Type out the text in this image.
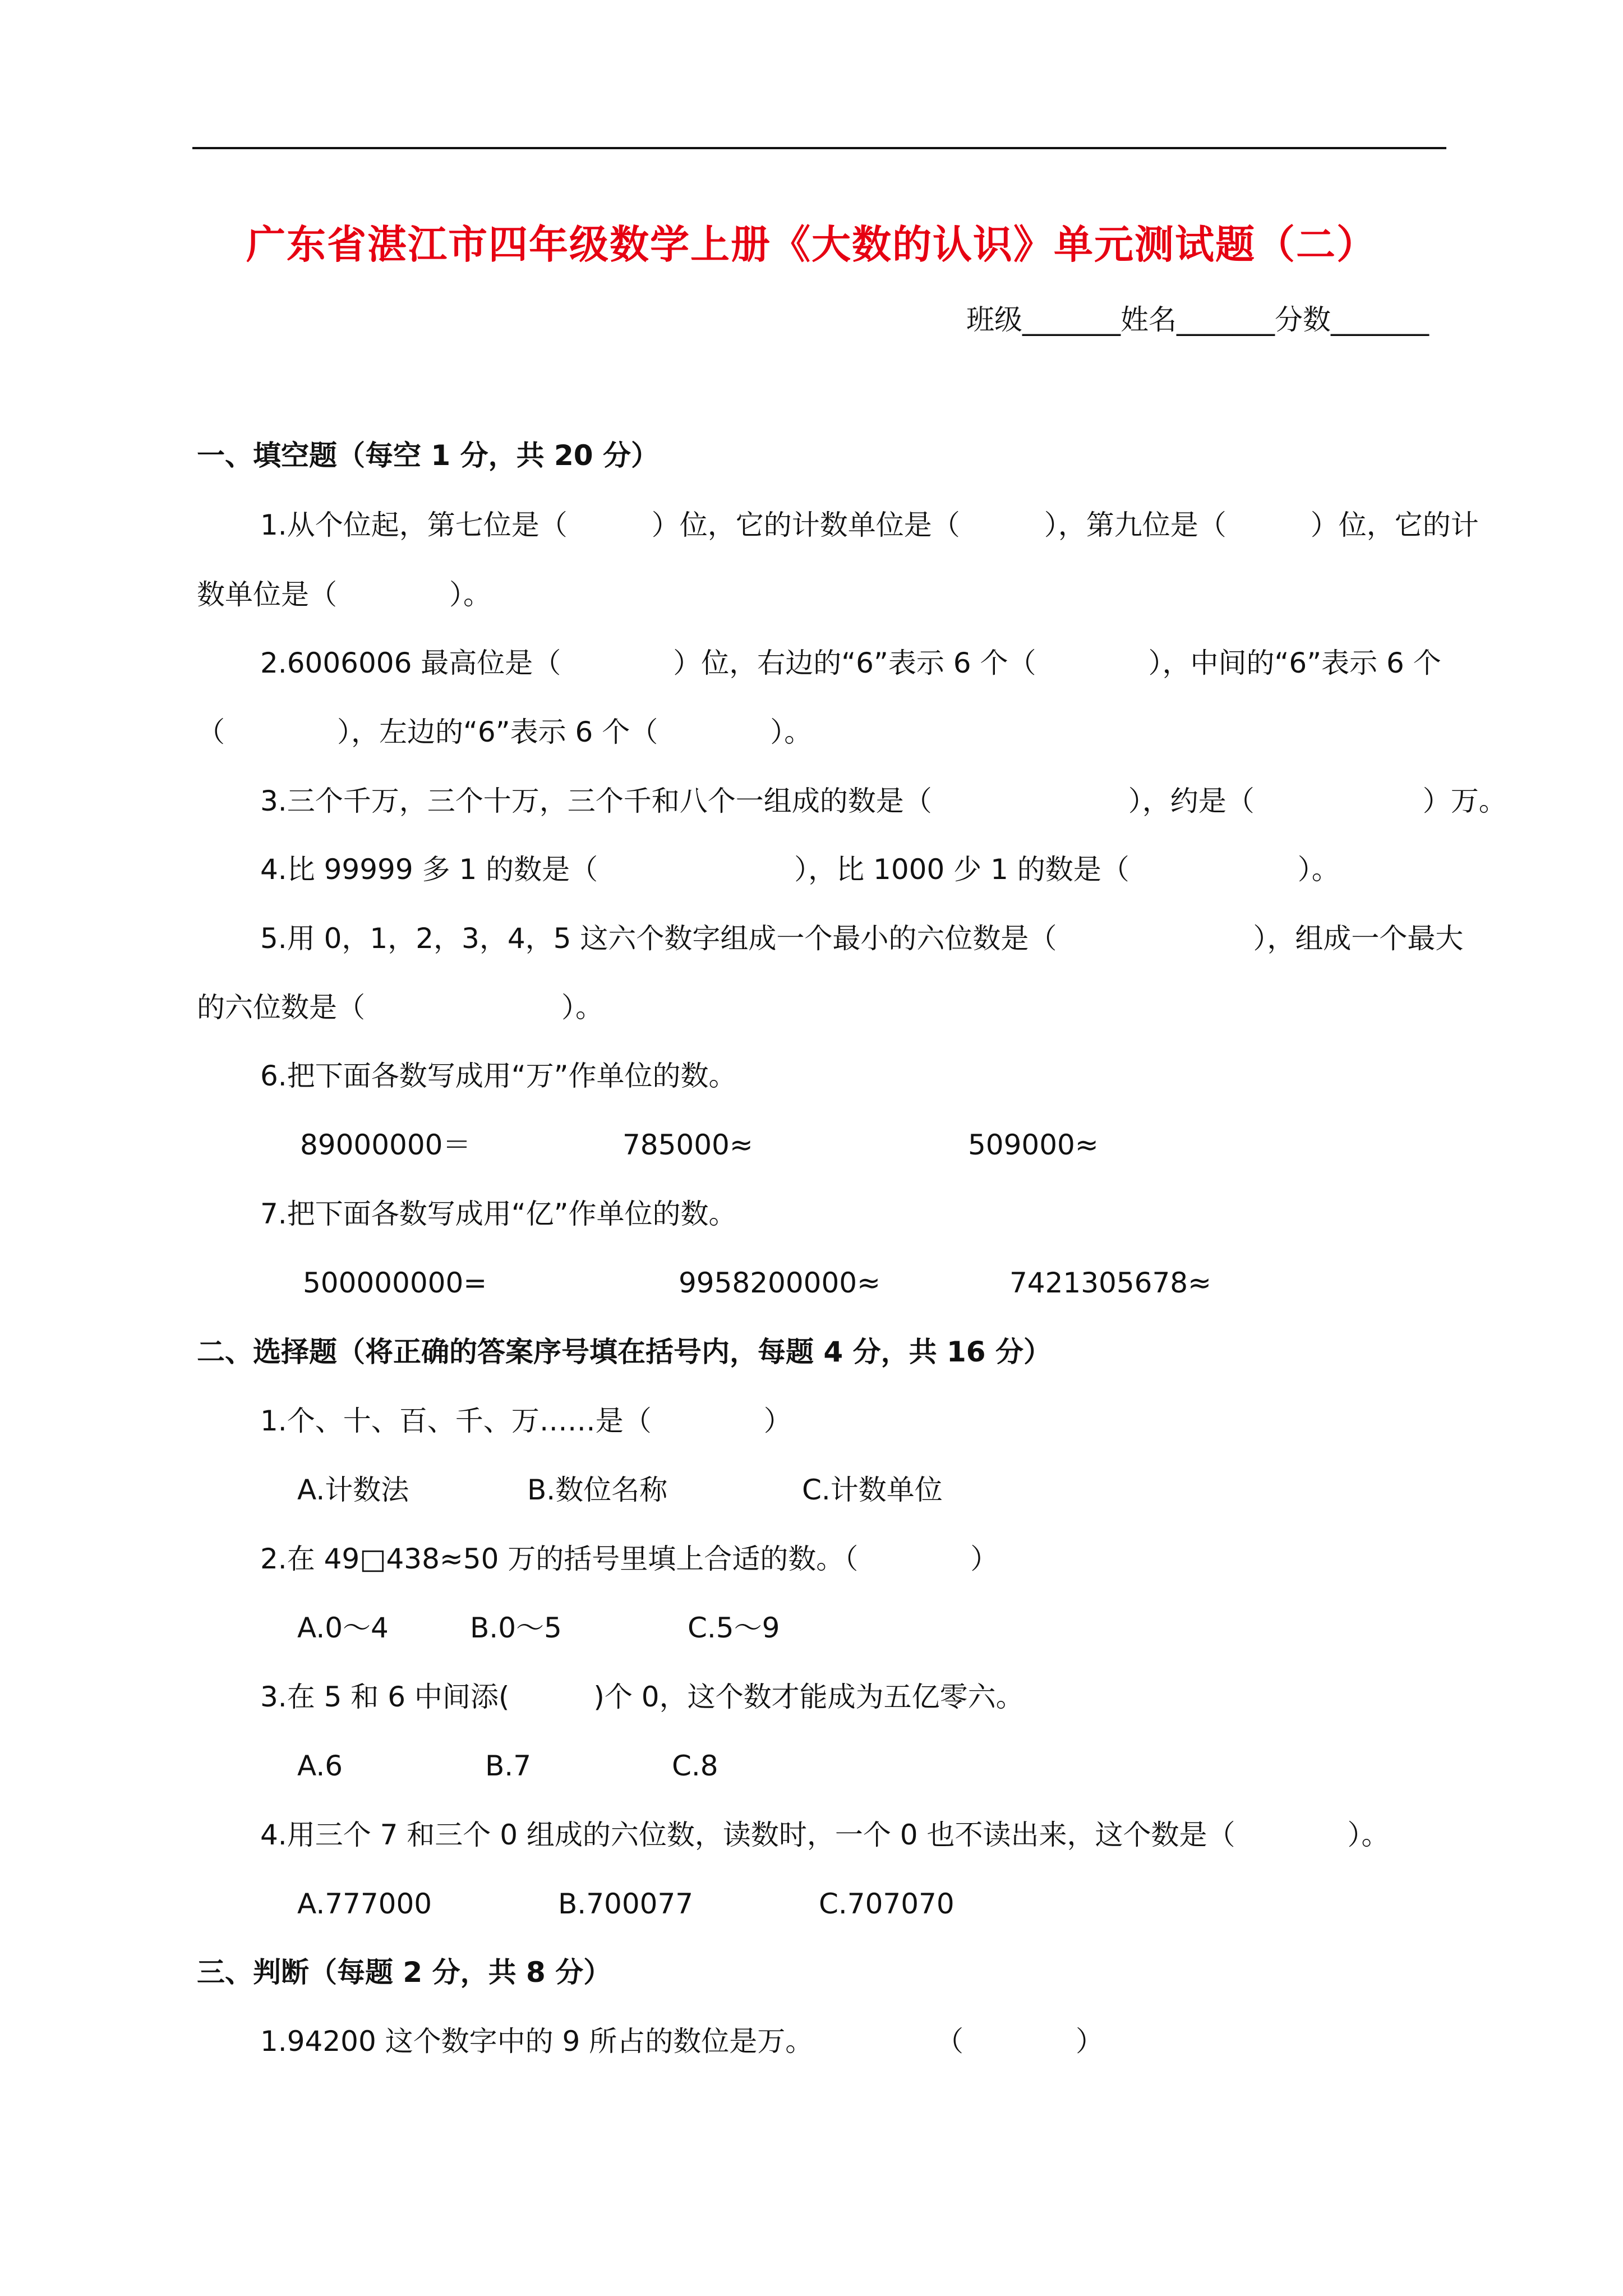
广东省湛江市四年级数学上册《大数的认识》单元测试题（二）
班级_______姓名_______分数_______
一、填空题（每空 1 分，共 20 分）
1.从个位起，第七位是（　　　）位，它的计数单位是（　　　），第九位是（　　　）位，它的计
数单位是（　　　　）。
2.6006006 最高位是（　　　　）位，右边的“6”表示 6 个（　　　　），中间的“6”表示 6 个
（　　　　），左边的“6”表示 6 个（　　　　）。
3.三个千万，三个十万，三个千和八个一组成的数是（　　　　　　　），约是（　　　　　　）万。
4.比 99999 多 1 的数是（　　　　　　　），比 1000 少 1 的数是（　　　　　　）。
5.用 0，1，2，3，4，5 这六个数字组成一个最小的六位数是（　　　　　　　），组成一个最大
的六位数是（　　　　　　　）。
6.把下面各数写成用“万”作单位的数。
89000000＝	785000≈	509000≈
7.把下面各数写成用“亿”作单位的数。
500000000=	9958200000≈	7421305678≈
二、选择题（将正确的答案序号填在括号内，每题 4 分，共 16 分）
1.个、十、百、千、万……是（　　　　）
A.计数法	B.数位名称	C.计数单位
2.在 49□438≈50 万的括号里填上合适的数。（　　　　）
A.0～4	B.0～5	C.5～9
3.在 5 和 6 中间添(　　　)个 0，这个数才能成为五亿零六。
A.6	B.7	C.8
4.用三个 7 和三个 0 组成的六位数，读数时，一个 0 也不读出来，这个数是（　　　　）。
A.777000	B.700077	C.707070
三、判断（每题 2 分，共 8 分）
1.94200 这个数字中的 9 所占的数位是万。	（　　　　）
